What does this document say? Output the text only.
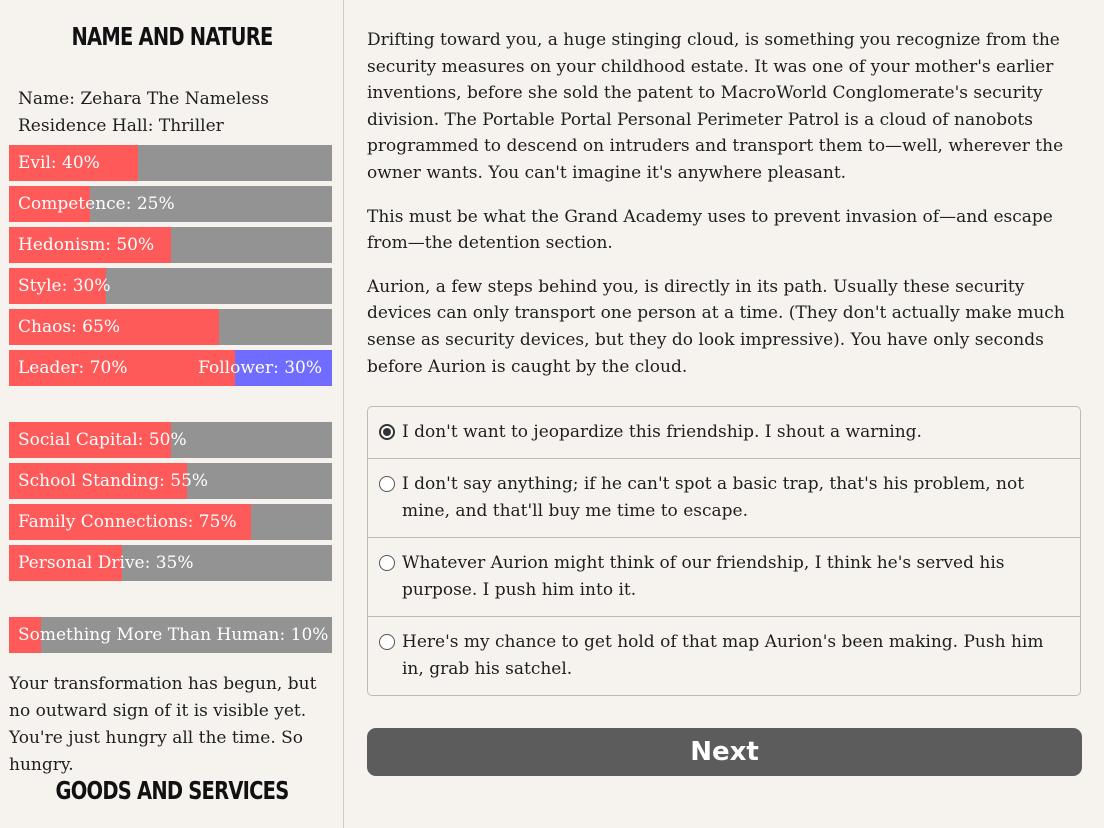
NAME AND NATURE
Name: Zehara The Nameless
Residence Hall: Thriller
Evil: 40%
Competence: 25%
Hedonism: 50%
Style: 30%
Chaos: 65%
Leader: 70%	Follower: 30%
Social Capital: 50%
School Standing: 55%
Family Connections: 75%
Personal Drive: 35%
Something More Than Human: 10%
Your transformation has begun, but no outward sign of it is visible yet. You're just hungry all the time. So hungry.
GOODS AND SERVICES

Drifting toward you, a huge stinging cloud, is something you recognize from the security measures on your childhood estate. It was one of your mother's earlier inventions, before she sold the patent to MacroWorld Conglomerate's security division. The Portable Portal Personal Perimeter Patrol is a cloud of nanobots programmed to descend on intruders and transport them to—well, wherever the owner wants. You can't imagine it's anywhere pleasant.

This must be what the Grand Academy uses to prevent invasion of—and escape from—the detention section.

Aurion, a few steps behind you, is directly in its path. Usually these security devices can only transport one person at a time. (They don't actually make much sense as security devices, but they do look impressive). You have only seconds before Aurion is caught by the cloud.

I don't want to jeopardize this friendship. I shout a warning.
I don't say anything; if he can't spot a basic trap, that's his problem, not mine, and that'll buy me time to escape.
Whatever Aurion might think of our friendship, I think he's served his purpose. I push him into it.
Here's my chance to get hold of that map Aurion's been making. Push him in, grab his satchel.
Next
